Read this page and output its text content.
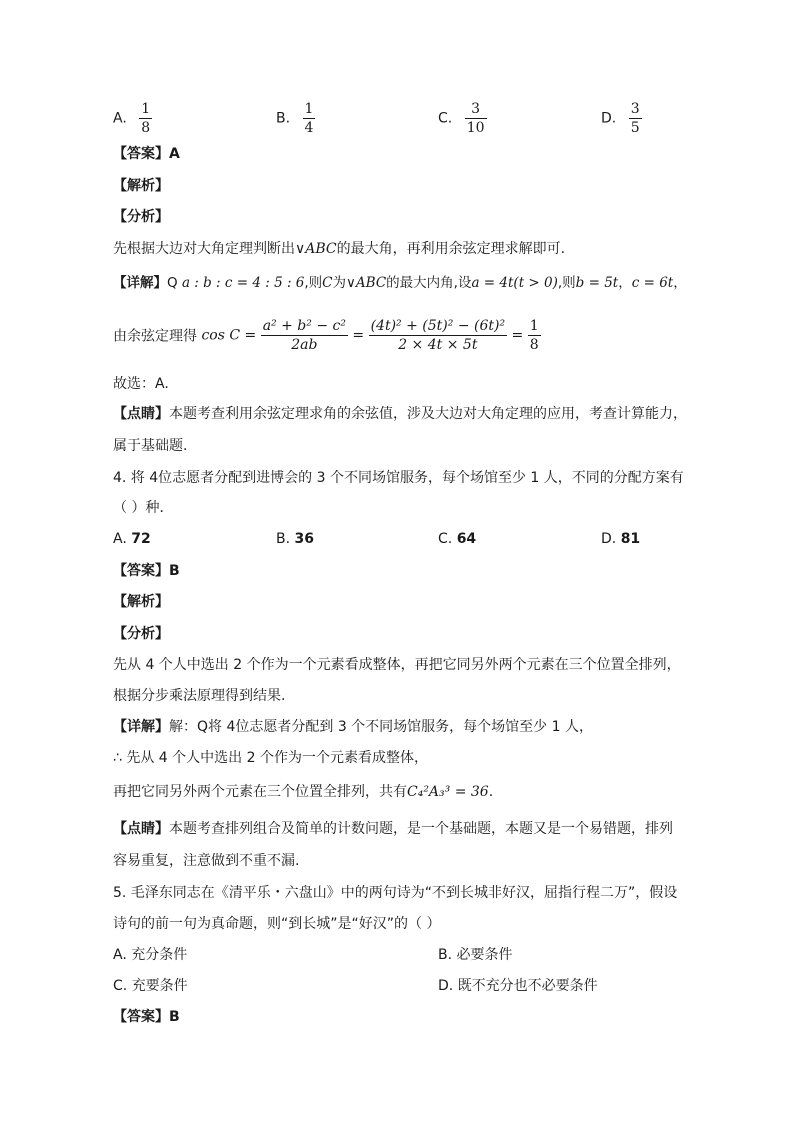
A. $\frac{1}{8}$	B. $\frac{1}{4}$	C. $\frac{3}{10}$	D. $\frac{3}{5}$
【答案】A
【解析】
【分析】
先根据大边对大角定理判断出∨ABC的最大角，再利用余弦定理求解即可.
【详解】Q a : b : c = 4 : 5 : 6,则C为∨ABC的最大内角,设a = 4t(t > 0),则b = 5t，c = 6t，
由余弦定理得 $\cos C = \frac{\text{a² + b² − c²}}{2ab} = \frac{\text{(4t)² + (5t)² − (6t)²}}{2 \times 4t \times 5t} = \frac{1}{8}$
故选：A.
【点睛】本题考查利用余弦定理求角的余弦值，涉及大边对大角定理的应用，考查计算能力，
属于基础题.
4. 将 4位志愿者分配到进博会的 3 个不同场馆服务，每个场馆至少 1 人，不同的分配方案有
（ ）种．
A. 72	B. 36	C. 64	D. 81
【答案】B
【解析】
【分析】
先从 4 个人中选出 2 个作为一个元素看成整体，再把它同另外两个元素在三个位置全排列，
根据分步乘法原理得到结果.
【详解】解：Q将 4位志愿者分配到 3 个不同场馆服务，每个场馆至少 1 人，
∴ 先从 4 个人中选出 2 个作为一个元素看成整体，
再把它同另外两个元素在三个位置全排列，共有C₄²A₃³ = 36.
【点睛】本题考查排列组合及简单的计数问题，是一个基础题，本题又是一个易错题，排列
容易重复，注意做到不重不漏.
5. 毛泽东同志在《清平乐・六盘山》中的两句诗为“不到长城非好汉，屈指行程二万”，假设
诗句的前一句为真命题，则“到长城”是“好汉”的（ ）
A. 充分条件	B. 必要条件
C. 充要条件	D. 既不充分也不必要条件
【答案】B
